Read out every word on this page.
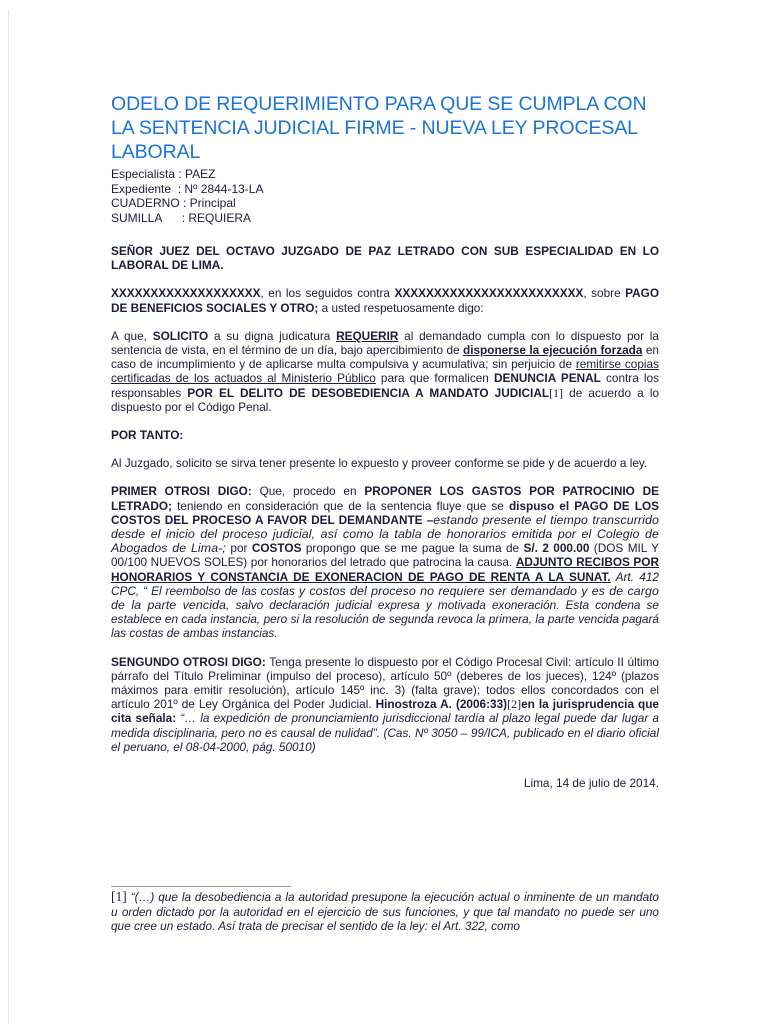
ODELO DE REQUERIMIENTO PARA QUE SE CUMPLA CON LA SENTENCIA JUDICIAL FIRME - NUEVA LEY PROCESAL LABORAL
Especialista : PAEZ
Expediente  : Nº 2844-13-LA
CUADERNO : Principal
SUMILLA      : REQUIERA

SEÑOR JUEZ DEL OCTAVO JUZGADO DE PAZ LETRADO CON SUB ESPECIALIDAD EN LO LABORAL DE LIMA.

XXXXXXXXXXXXXXXXXXX, en los seguidos contra XXXXXXXXXXXXXXXXXXXXXXXX, sobre PAGO DE BENEFICIOS SOCIALES Y OTRO; a usted respetuosamente digo:

A que, SOLICITO a su digna judicatura REQUERIR al demandado cumpla con lo dispuesto por la sentencia de vista, en el término de un día, bajo apercibimiento de disponerse la ejecución forzada en caso de incumplimiento y de aplicarse multa compulsiva y acumulativa; sin perjuicio de remitirse copias certificadas de los actuados al Ministerio Público para que formalicen DENUNCIA PENAL contra los responsables POR EL DELITO DE DESOBEDIENCIA A MANDATO JUDICIAL[1] de acuerdo a lo dispuesto por el Código Penal.

POR TANTO:

Al Juzgado, solicito se sirva tener presente lo expuesto y proveer conforme se pide y de acuerdo a ley.

PRIMER OTROSI DIGO: Que, procedo en PROPONER LOS GASTOS POR PATROCINIO DE LETRADO; teniendo en consideración que de la sentencia fluye que se dispuso el PAGO DE LOS COSTOS DEL PROCESO A FAVOR DEL DEMANDANTE –estando presente el tiempo transcurrido desde el inicio del proceso judicial, así como la tabla de honorarios emitida por el Colegio de Abogados de Lima-; por COSTOS propongo que se me pague la suma de S/. 2 000.00 (DOS MIL Y 00/100 NUEVOS SOLES) por honorarios del letrado que patrocina la causa. ADJUNTO RECIBOS POR HONORARIOS Y CONSTANCIA DE EXONERACION DE PAGO DE RENTA A LA SUNAT. Art. 412 CPC, “ El reembolso de las costas y costos del proceso no requiere ser demandado y es de cargo de la parte vencida, salvo declaración judicial expresa y motivada exoneración. Esta condena se establece en cada instancia, pero si la resolución de segunda revoca la primera, la parte vencida pagará las costas de ambas instancias.

SENGUNDO OTROSI DIGO: Tenga presente lo dispuesto por el Código Procesal Civil: artículo II último párrafo del Título Preliminar (impulso del proceso), artículo 50º (deberes de los jueces), 124º (plazos máximos para emitir resolución), artículo 145º inc. 3) (falta grave); todos ellos concordados con el artículo 201º de Ley Orgánica del Poder Judicial. Hinostroza A. (2006:33)[2]en la jurisprudencia que cita señala: “… la expedición de pronunciamiento jurisdiccional tardía al plazo legal puede dar lugar a medida disciplinaria, pero no es causal de nulidad”. (Cas. Nº 3050 – 99/ICA, publicado en el diario oficial el peruano, el 08-04-2000, pág. 50010)

Lima, 14 de julio de 2014.

[1] “(…) que la desobediencia a la autoridad presupone la ejecución actual o inminente de un mandato u orden dictado por la autoridad en el ejercicio de sus funciones, y que tal mandato no puede ser uno que cree un estado. Así trata de precisar el sentido de la ley: el Art. 322, como
